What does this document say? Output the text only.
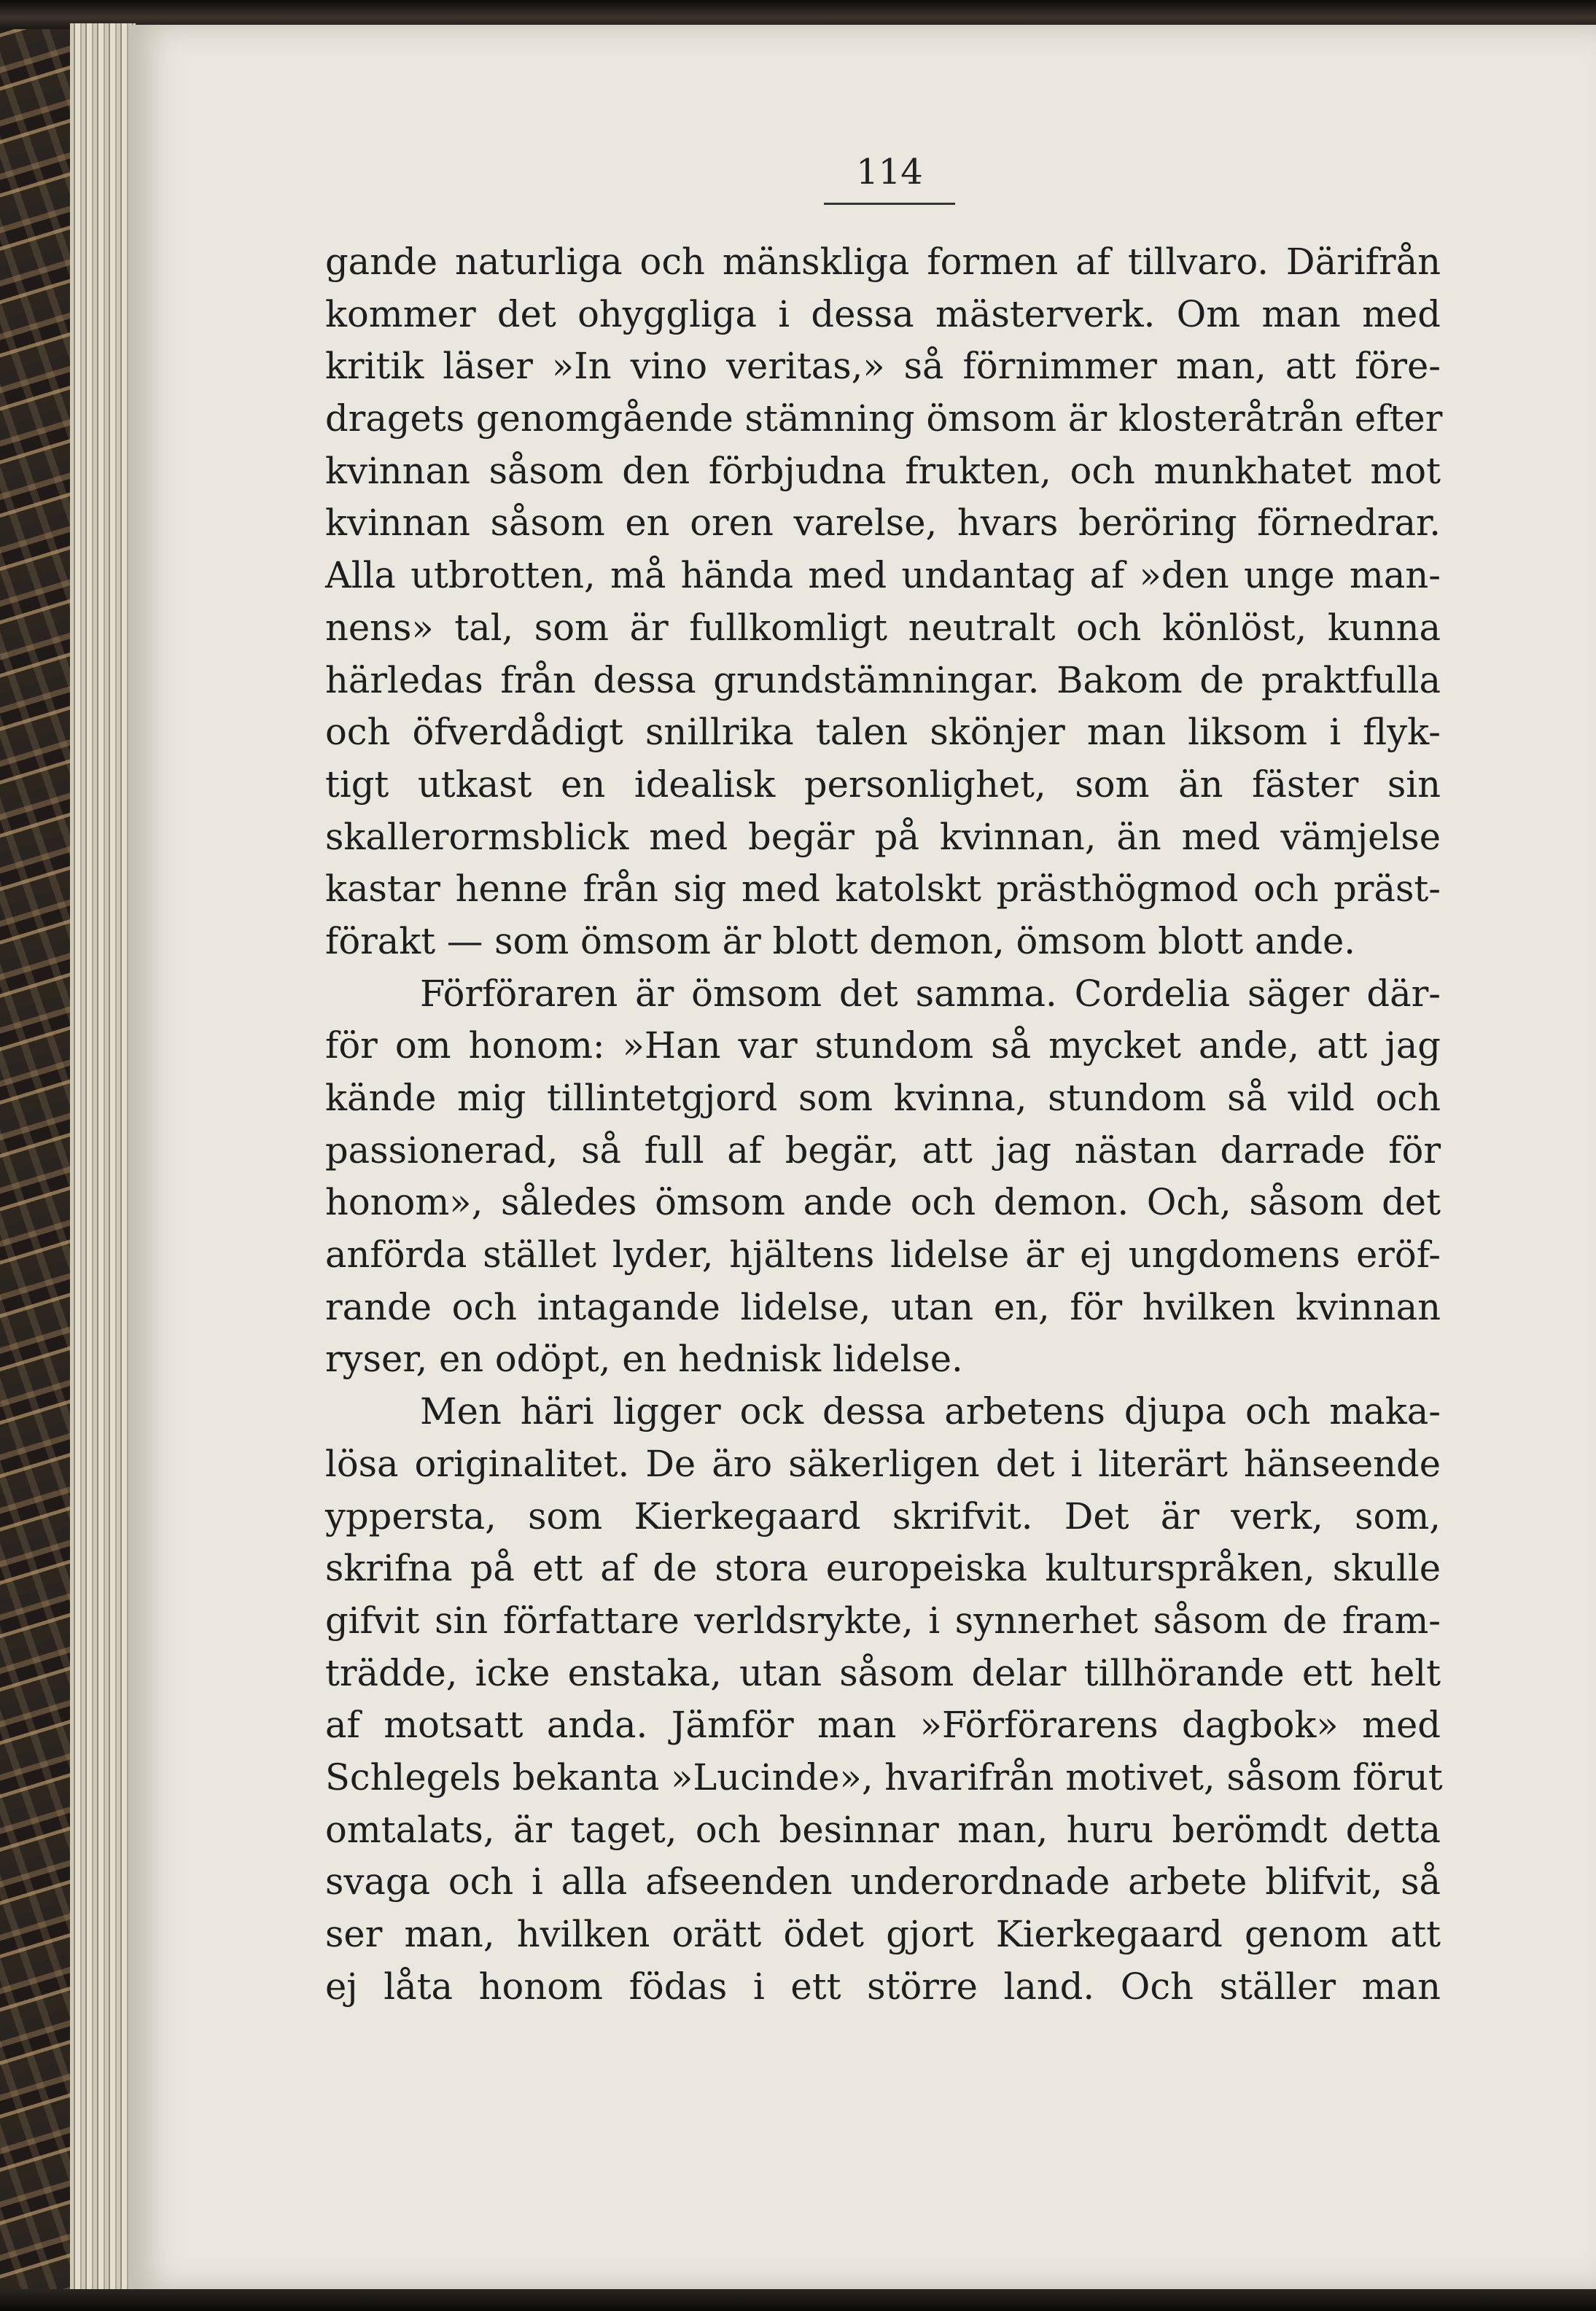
114
gande naturliga och mänskliga formen af tillvaro. Därifrån
kommer det ohyggliga i dessa mästerverk. Om man med
kritik läser »In vino veritas,» så förnimmer man, att före-
dragets genomgående stämning ömsom är klosteråtrån efter
kvinnan såsom den förbjudna frukten, och munkhatet mot
kvinnan såsom en oren varelse, hvars beröring förnedrar.
Alla utbrotten, må hända med undantag af »den unge man-
nens» tal, som är fullkomligt neutralt och könlöst, kunna
härledas från dessa grundstämningar. Bakom de praktfulla
och öfverdådigt snillrika talen skönjer man liksom i flyk-
tigt utkast en idealisk personlighet, som än fäster sin
skallerormsblick med begär på kvinnan, än med vämjelse
kastar henne från sig med katolskt prästhögmod och präst-
förakt — som ömsom är blott demon, ömsom blott ande.
Förföraren är ömsom det samma. Cordelia säger där-
för om honom: »Han var stundom så mycket ande, att jag
kände mig tillintetgjord som kvinna, stundom så vild och
passionerad, så full af begär, att jag nästan darrade för
honom», således ömsom ande och demon. Och, såsom det
anförda stället lyder, hjältens lidelse är ej ungdomens eröf-
rande och intagande lidelse, utan en, för hvilken kvinnan
ryser, en odöpt, en hednisk lidelse.
Men häri ligger ock dessa arbetens djupa och maka-
lösa originalitet. De äro säkerligen det i literärt hänseende
yppersta, som Kierkegaard skrifvit. Det är verk, som,
skrifna på ett af de stora europeiska kulturspråken, skulle
gifvit sin författare verldsrykte, i synnerhet såsom de fram-
trädde, icke enstaka, utan såsom delar tillhörande ett helt
af motsatt anda. Jämför man »Förförarens dagbok» med
Schlegels bekanta »Lucinde», hvarifrån motivet, såsom förut
omtalats, är taget, och besinnar man, huru berömdt detta
svaga och i alla afseenden underordnade arbete blifvit, så
ser man, hvilken orätt ödet gjort Kierkegaard genom att
ej låta honom födas i ett större land. Och ställer man
